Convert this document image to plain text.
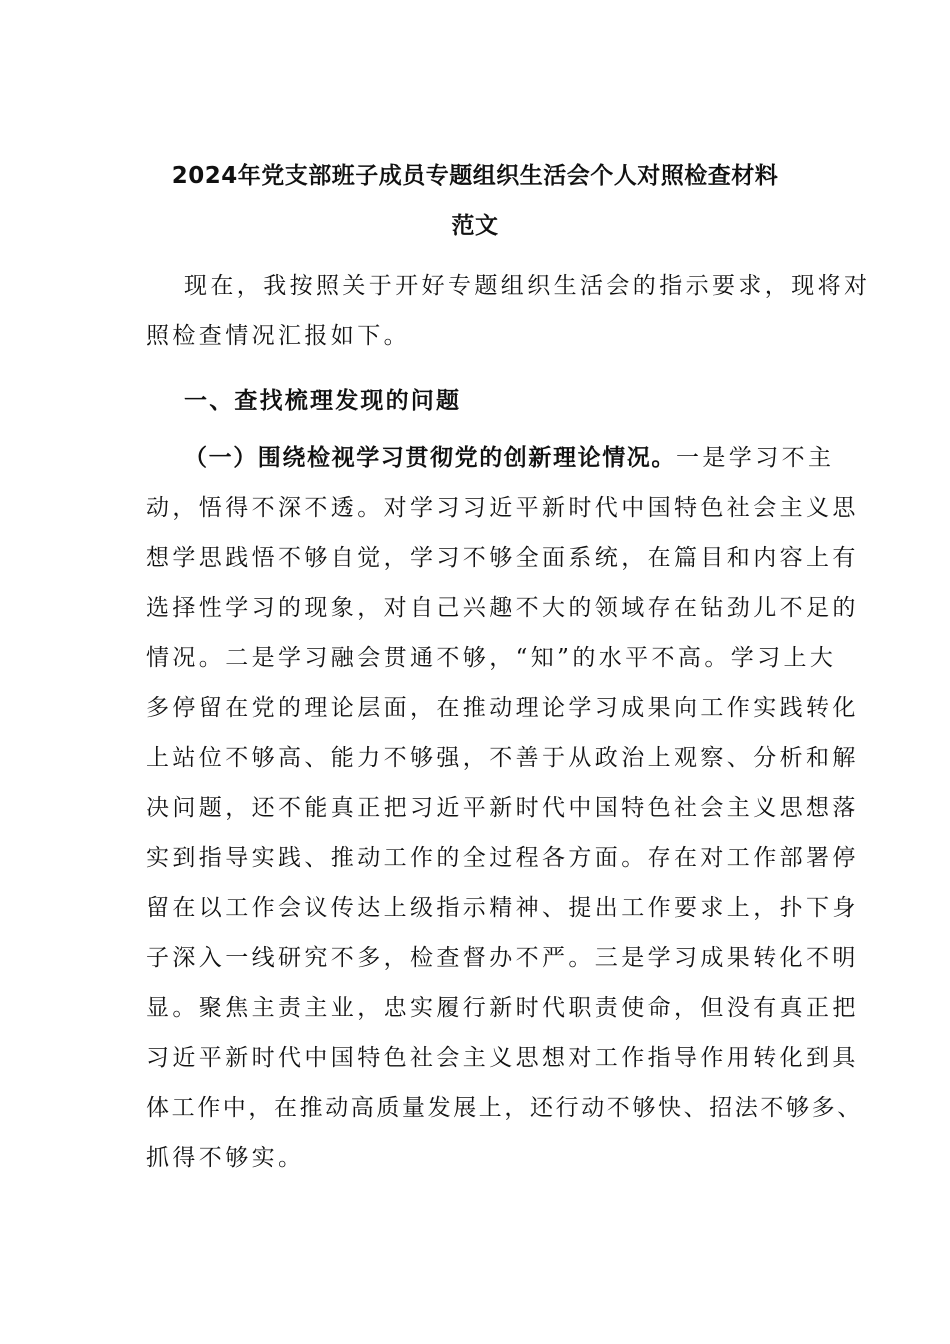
2024年党支部班子成员专题组织生活会个人对照检查材料
范文
现在，我按照关于开好专题组织生活会的指示要求，现将对
照检查情况汇报如下。
一、查找梳理发现的问题
（一）围绕检视学习贯彻党的创新理论情况。一是学习不主
动，悟得不深不透。对学习习近平新时代中国特色社会主义思
想学思践悟不够自觉，学习不够全面系统，在篇目和内容上有
选择性学习的现象，对自己兴趣不大的领域存在钻劲儿不足的
情况。二是学习融会贯通不够，“知”的水平不高。学习上大
多停留在党的理论层面，在推动理论学习成果向工作实践转化
上站位不够高、能力不够强，不善于从政治上观察、分析和解
决问题，还不能真正把习近平新时代中国特色社会主义思想落
实到指导实践、推动工作的全过程各方面。存在对工作部署停
留在以工作会议传达上级指示精神、提出工作要求上，扑下身
子深入一线研究不多，检查督办不严。三是学习成果转化不明
显。聚焦主责主业，忠实履行新时代职责使命，但没有真正把
习近平新时代中国特色社会主义思想对工作指导作用转化到具
体工作中，在推动高质量发展上，还行动不够快、招法不够多、
抓得不够实。
